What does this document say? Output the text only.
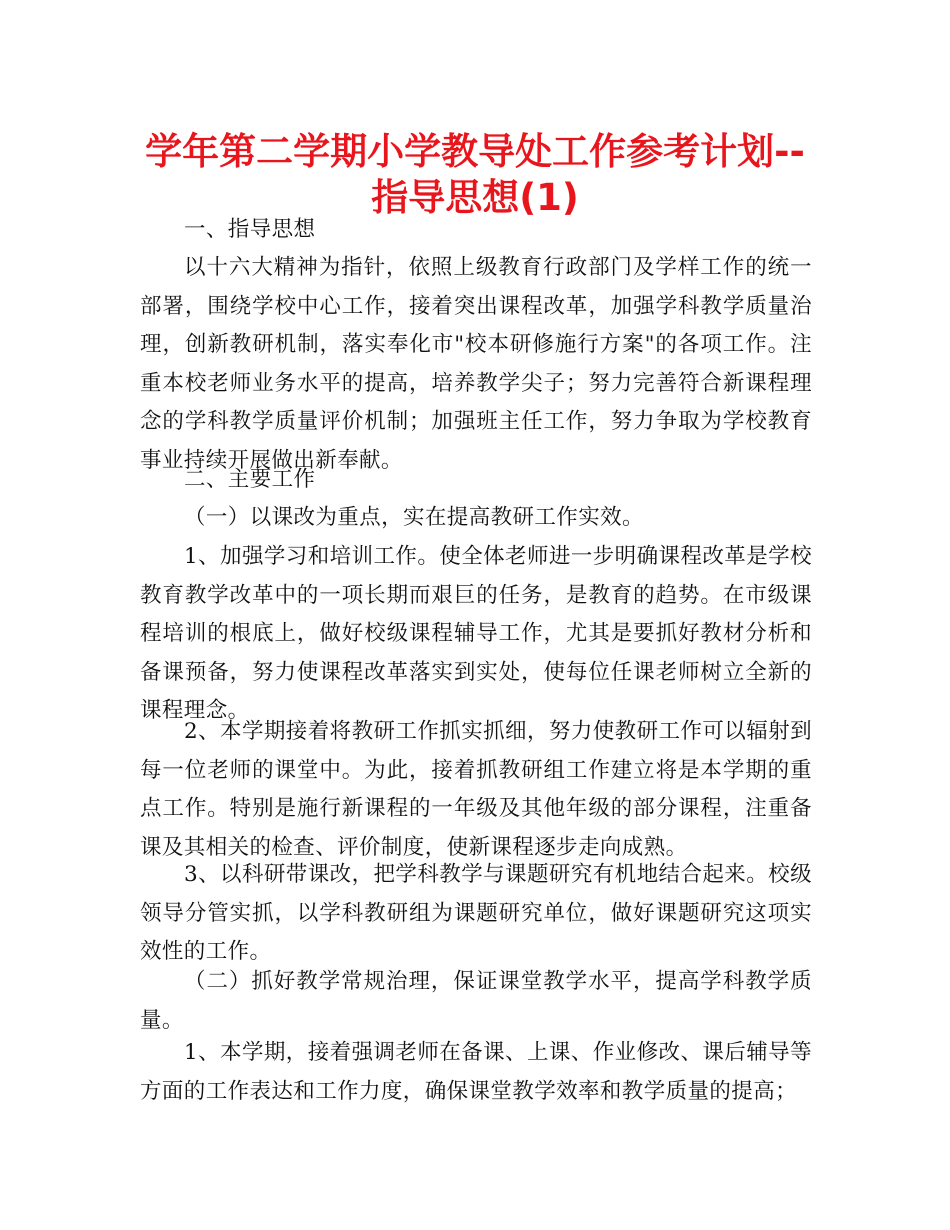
学年第二学期小学教导处工作参考计划--
指导思想(1)
一、指导思想

以十六大精神为指针，依照上级教育行政部门及学样工作的统一部署，围绕学校中心工作，接着突出课程改革，加强学科教学质量治理，创新教研机制，落实奉化市"校本研修施行方案"的各项工作。注重本校老师业务水平的提高，培养教学尖子；努力完善符合新课程理念的学科教学质量评价机制；加强班主任工作，努力争取为学校教育事业持续开展做出新奉献。

二、主要工作
（一）以课改为重点，实在提高教研工作实效。

1、加强学习和培训工作。使全体老师进一步明确课程改革是学校教育教学改革中的一项长期而艰巨的任务，是教育的趋势。在市级课程培训的根底上，做好校级课程辅导工作，尤其是要抓好教材分析和备课预备，努力使课程改革落实到实处，使每位任课老师树立全新的课程理念。

2、本学期接着将教研工作抓实抓细，努力使教研工作可以辐射到每一位老师的课堂中。为此，接着抓教研组工作建立将是本学期的重点工作。特别是施行新课程的一年级及其他年级的部分课程，注重备课及其相关的检查、评价制度，使新课程逐步走向成熟。

3、以科研带课改，把学科教学与课题研究有机地结合起来。校级领导分管实抓，以学科教研组为课题研究单位，做好课题研究这项实效性的工作。

（二）抓好教学常规治理，保证课堂教学水平，提高学科教学质量。

1、本学期，接着强调老师在备课、上课、作业修改、课后辅导等方面的工作表达和工作力度，确保课堂教学效率和教学质量的提高；
